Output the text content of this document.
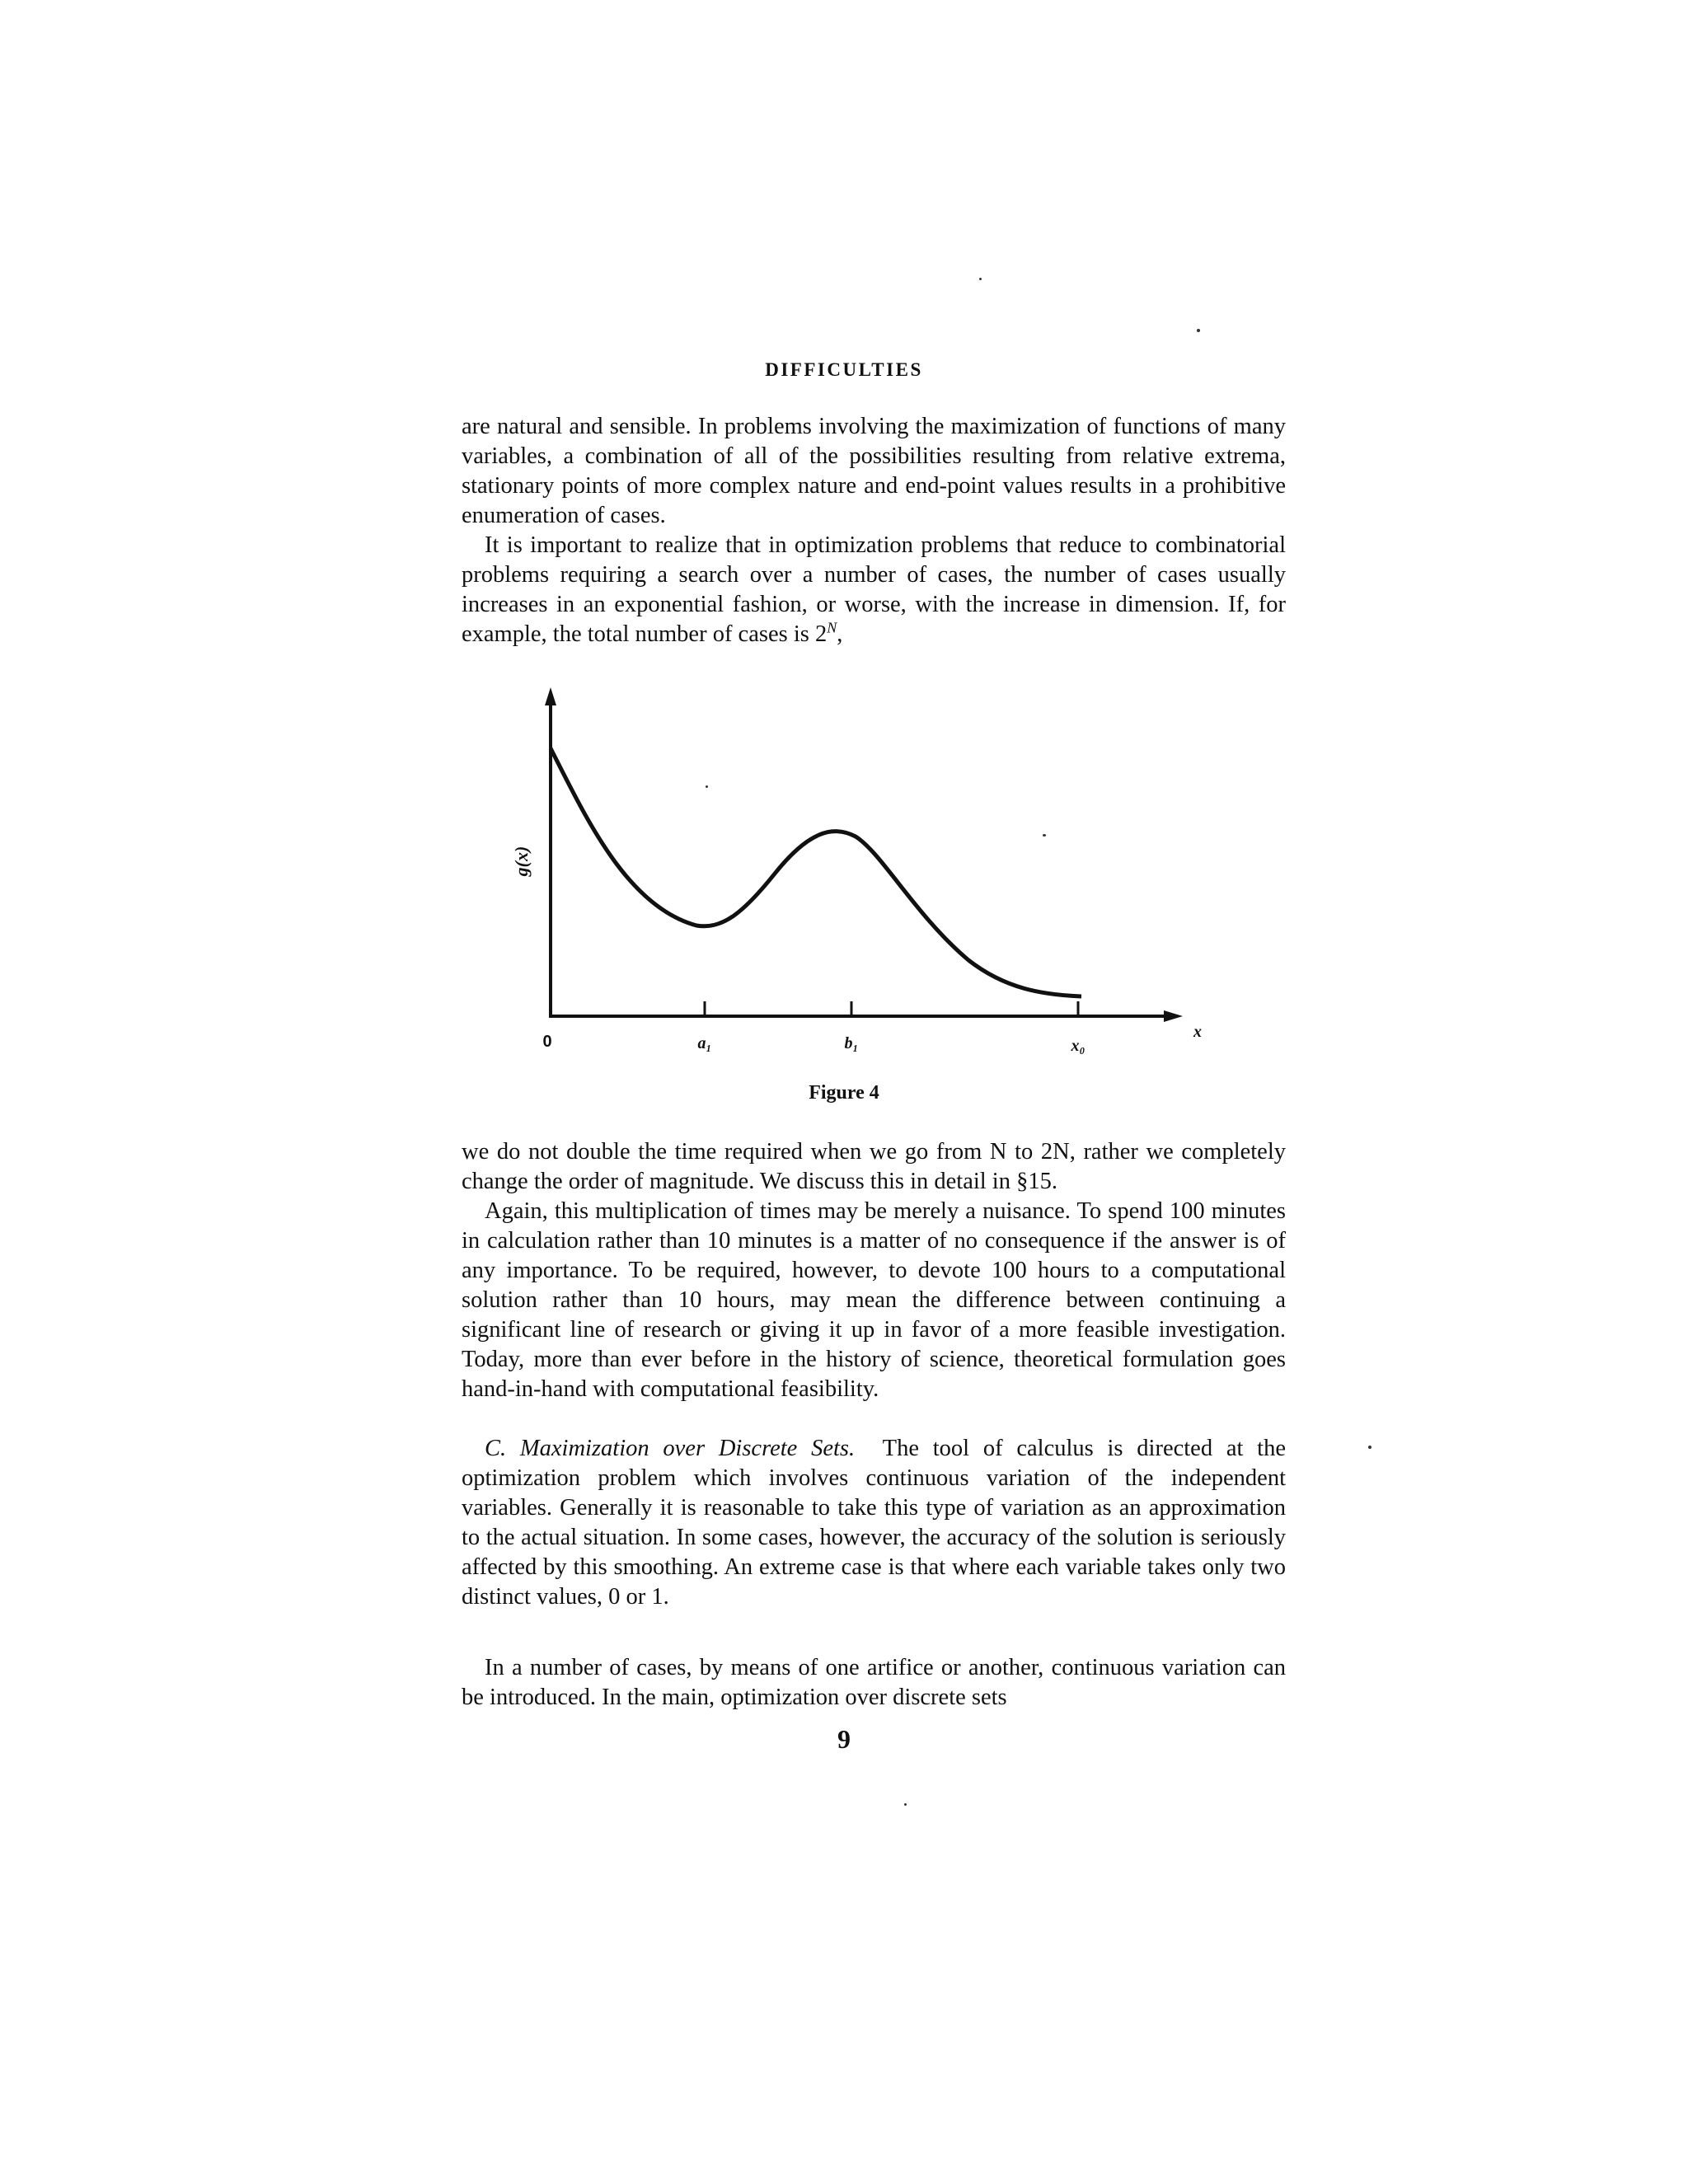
DIFFICULTIES

are natural and sensible. In problems involving the maximization of functions of many variables, a combination of all of the possibilities resulting from relative extrema, stationary points of more complex nature and end-point values results in a prohibitive enumeration of cases.

It is important to realize that in optimization problems that reduce to combinatorial problems requiring a search over a number of cases, the number of cases usually increases in an exponential fashion, or worse, with the increase in dimension. If, for example, the total number of cases is $2^N$,

g(x)
0	a₁	b₁	x₀
x
Figure 4

we do not double the time required when we go from N to 2N, rather we completely change the order of magnitude. We discuss this in detail in §15.

Again, this multiplication of times may be merely a nuisance. To spend 100 minutes in calculation rather than 10 minutes is a matter of no consequence if the answer is of any importance. To be required, however, to devote 100 hours to a computational solution rather than 10 hours, may mean the difference between continuing a significant line of research or giving it up in favor of a more feasible investigation. Today, more than ever before in the history of science, theoretical formulation goes hand-in-hand with computational feasibility.

C. Maximization over Discrete Sets. The tool of calculus is directed at the optimization problem which involves continuous variation of the independent variables. Generally it is reasonable to take this type of variation as an approximation to the actual situation. In some cases, however, the accuracy of the solution is seriously affected by this smoothing. An extreme case is that where each variable takes only two distinct values, 0 or 1.

In a number of cases, by means of one artifice or another, continuous variation can be introduced. In the main, optimization over discrete sets

9
